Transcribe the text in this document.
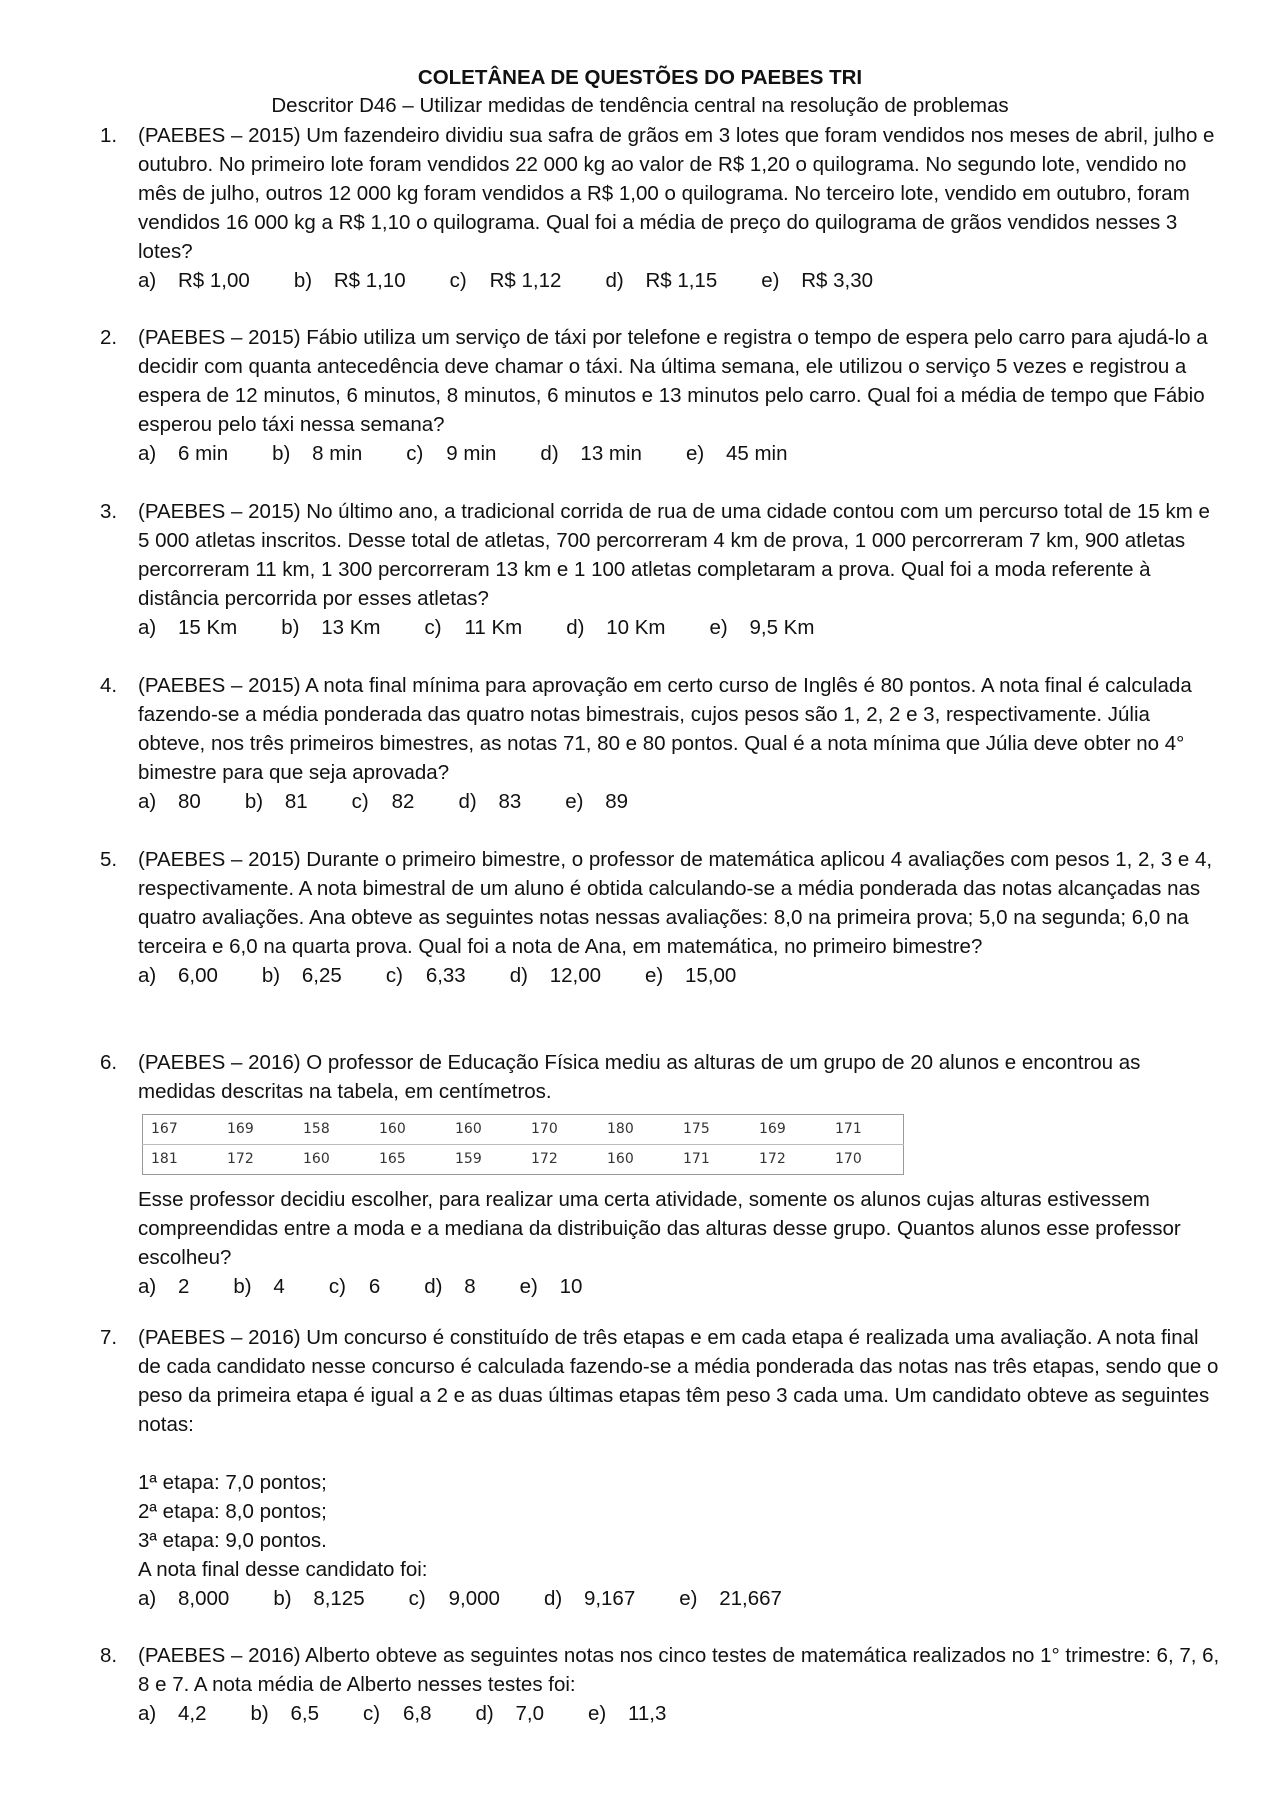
COLETÂNEA DE QUESTÕES DO PAEBES TRI
Descritor D46 – Utilizar medidas de tendência central na resolução de problemas
1.	(PAEBES – 2015) Um fazendeiro dividiu sua safra de grãos em 3 lotes que foram vendidos nos meses de abril, julho e outubro. No primeiro lote foram vendidos 22 000 kg ao valor de R$ 1,20 o quilograma. No segundo lote, vendido no mês de julho, outros 12 000 kg foram vendidos a R$ 1,00 o quilograma. No terceiro lote, vendido em outubro, foram vendidos 16 000 kg a R$ 1,10 o quilograma. Qual foi a média de preço do quilograma de grãos vendidos nesses 3 lotes?

a) R$ 1,00 b) R$ 1,10 c) R$ 1,12 d) R$ 1,15 e) R$ 3,30
2.	(PAEBES – 2015) Fábio utiliza um serviço de táxi por telefone e registra o tempo de espera pelo carro para ajudá-lo a decidir com quanta antecedência deve chamar o táxi. Na última semana, ele utilizou o serviço 5 vezes e registrou a espera de 12 minutos, 6 minutos, 8 minutos, 6 minutos e 13 minutos pelo carro. Qual foi a média de tempo que Fábio esperou pelo táxi nessa semana?

a) 6 min b) 8 min c) 9 min d) 13 min e) 45 min
3.	(PAEBES – 2015) No último ano, a tradicional corrida de rua de uma cidade contou com um percurso total de 15 km e 5 000 atletas inscritos. Desse total de atletas, 700 percorreram 4 km de prova, 1 000 percorreram 7 km, 900 atletas percorreram 11 km, 1 300 percorreram 13 km e 1 100 atletas completaram a prova. Qual foi a moda referente à distância percorrida por esses atletas?

a) 15 Km b) 13 Km c) 11 Km d) 10 Km e) 9,5 Km
4.	(PAEBES – 2015) A nota final mínima para aprovação em certo curso de Inglês é 80 pontos. A nota final é calculada fazendo-se a média ponderada das quatro notas bimestrais, cujos pesos são 1, 2, 2 e 3, respectivamente. Júlia obteve, nos três primeiros bimestres, as notas 71, 80 e 80 pontos. Qual é a nota mínima que Júlia deve obter no 4° bimestre para que seja aprovada?

a) 80 b) 81 c) 82 d) 83 e) 89
5.	(PAEBES – 2015) Durante o primeiro bimestre, o professor de matemática aplicou 4 avaliações com pesos 1, 2, 3 e 4, respectivamente. A nota bimestral de um aluno é obtida calculando-se a média ponderada das notas alcançadas nas quatro avaliações. Ana obteve as seguintes notas nessas avaliações: 8,0 na primeira prova; 5,0 na segunda; 6,0 na terceira e 6,0 na quarta prova. Qual foi a nota de Ana, em matemática, no primeiro bimestre?

a) 6,00 b) 6,25 c) 6,33 d) 12,00 e) 15,00
6.	(PAEBES – 2016) O professor de Educação Física mediu as alturas de um grupo de 20 alunos e encontrou as medidas descritas na tabela, em centímetros.

167	169	158	160	160	170	180	175	169	171
181	172	160	165	159	172	160	171	172	170

Esse professor decidiu escolher, para realizar uma certa atividade, somente os alunos cujas alturas estivessem compreendidas entre a moda e a mediana da distribuição das alturas desse grupo. Quantos alunos esse professor escolheu?

a) 2 b) 4 c) 6 d) 8 e) 10
7.	(PAEBES – 2016) Um concurso é constituído de três etapas e em cada etapa é realizada uma avaliação. A nota final de cada candidato nesse concurso é calculada fazendo-se a média ponderada das notas nas três etapas, sendo que o peso da primeira etapa é igual a 2 e as duas últimas etapas têm peso 3 cada uma. Um candidato obteve as seguintes notas:

1ª etapa: 7,0 pontos;

2ª etapa: 8,0 pontos;

3ª etapa: 9,0 pontos.

A nota final desse candidato foi:

a) 8,000 b) 8,125 c) 9,000 d) 9,167 e) 21,667
8.	(PAEBES – 2016) Alberto obteve as seguintes notas nos cinco testes de matemática realizados no 1° trimestre: 6, 7, 6, 8 e 7. A nota média de Alberto nesses testes foi:

a) 4,2 b) 6,5 c) 6,8 d) 7,0 e) 11,3
